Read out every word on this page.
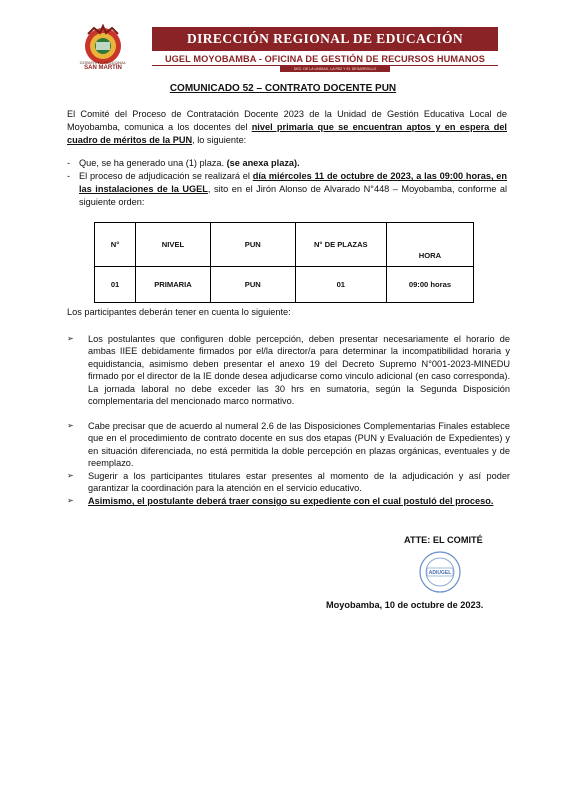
GOBIERNO REGIONAL
SAN MARTÍN
DIRECCIÓN REGIONAL DE EDUCACIÓN
UGEL MOYOBAMBA - OFICINA DE GESTIÓN DE RECURSOS HUMANOS
DEC. DE LA UNIDAD, LA PAZ Y EL DESARROLLO
COMUNICADO 52 – CONTRATO DOCENTE PUN
El Comité del Proceso de Contratación Docente 2023 de la Unidad de Gestión Educativa Local de Moyobamba, comunica a los docentes del nivel primaria que se encuentran aptos y en espera del cuadro de méritos de la PUN, lo siguiente:
- Que, se ha generado una (1) plaza. (se anexa plaza).
- El proceso de adjudicación se realizará el día miércoles 11 de octubre de 2023, a las 09:00 horas, en las instalaciones de la UGEL, sito en el Jirón Alonso de Alvarado N°448 – Moyobamba, conforme al siguiente orden:
N°	NIVEL	PUN	N° DE PLAZAS	HORA
01	PRIMARIA	PUN	01	09:00 horas
Los participantes deberán tener en cuenta lo siguiente:
➢ Los postulantes que configuren doble percepción, deben presentar necesariamente el horario de ambas IIEE debidamente firmados por el/la director/a para determinar la incompatibilidad horaria y equidistancia, asimismo deben presentar el anexo 19 del Decreto Supremo N°001-2023-MINEDU firmado por el director de la IE donde desea adjudicarse como vinculo adicional (en caso corresponda). La jornada laboral no debe exceder las 30 hrs en sumatoria, según la Segunda Disposición complementaria del mencionado marco normativo.
➢ Cabe precisar que de acuerdo al numeral 2.6 de las Disposiciones Complementarias Finales establece que en el procedimiento de contrato docente en sus dos etapas (PUN y Evaluación de Expedientes) y en situación diferenciada, no está permitida la doble percepción en plazas orgánicas, eventuales y de reemplazo.
➢ Sugerir a los participantes titulares estar presentes al momento de la adjudicación y así poder garantizar la coordinación para la atención en el servicio educativo.
➢ Asimismo, el postulante deberá traer consigo su expediente con el cual postuló del proceso.
ATTE: EL COMITÉ
ADIUGEL
Moyobamba, 10 de octubre de 2023.
